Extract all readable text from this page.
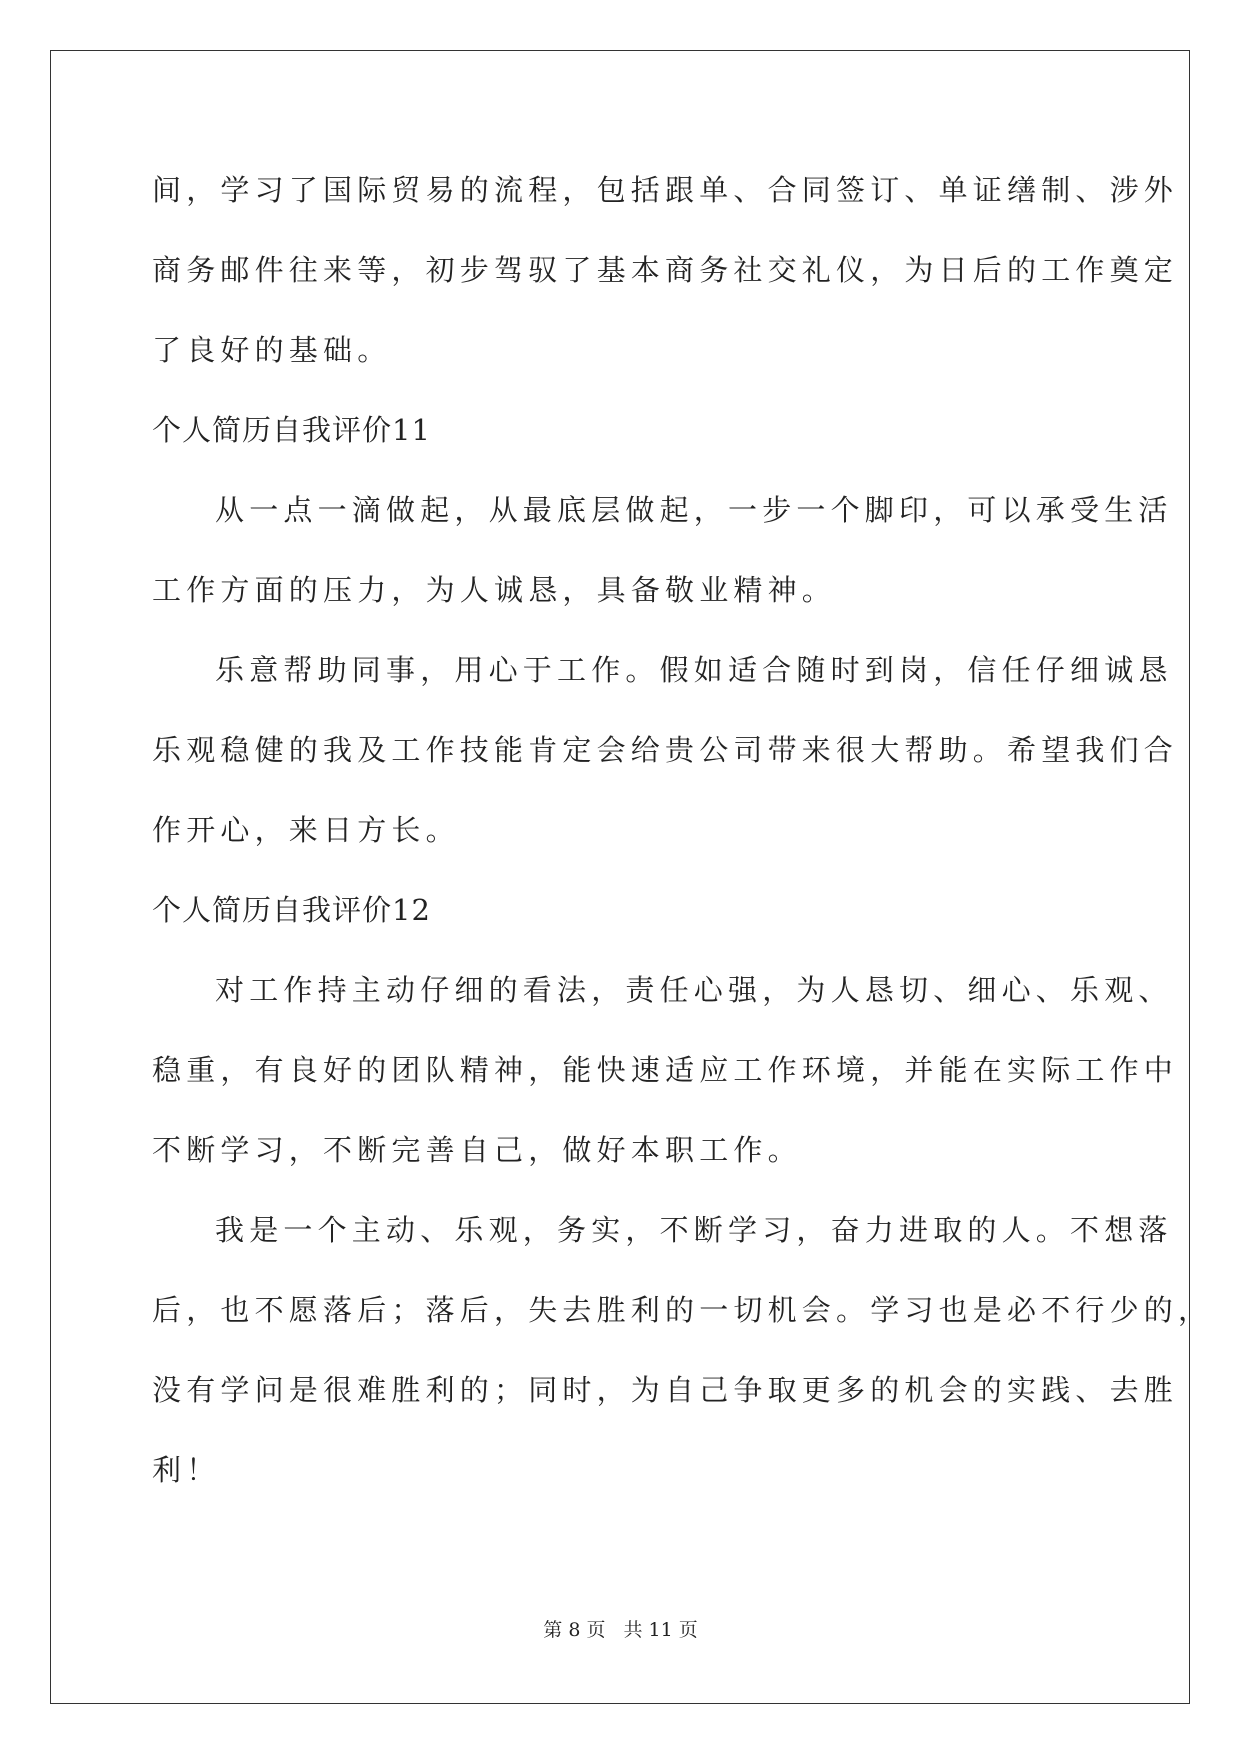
间，学习了国际贸易的流程，包括跟单、合同签订、单证缮制、涉外
商务邮件往来等，初步驾驭了基本商务社交礼仪，为日后的工作奠定
了良好的基础。
个人简历自我评价11
从一点一滴做起，从最底层做起，一步一个脚印，可以承受生活
工作方面的压力，为人诚恳，具备敬业精神。
乐意帮助同事，用心于工作。假如适合随时到岗，信任仔细诚恳
乐观稳健的我及工作技能肯定会给贵公司带来很大帮助。希望我们合
作开心，来日方长。
个人简历自我评价12
对工作持主动仔细的看法，责任心强，为人恳切、细心、乐观、
稳重，有良好的团队精神，能快速适应工作环境，并能在实际工作中
不断学习，不断完善自己，做好本职工作。
我是一个主动、乐观，务实，不断学习，奋力进取的人。不想落
后，也不愿落后；落后，失去胜利的一切机会。学习也是必不行少的，
没有学问是很难胜利的；同时，为自己争取更多的机会的实践、去胜
利！
第 8 页 共 11 页
